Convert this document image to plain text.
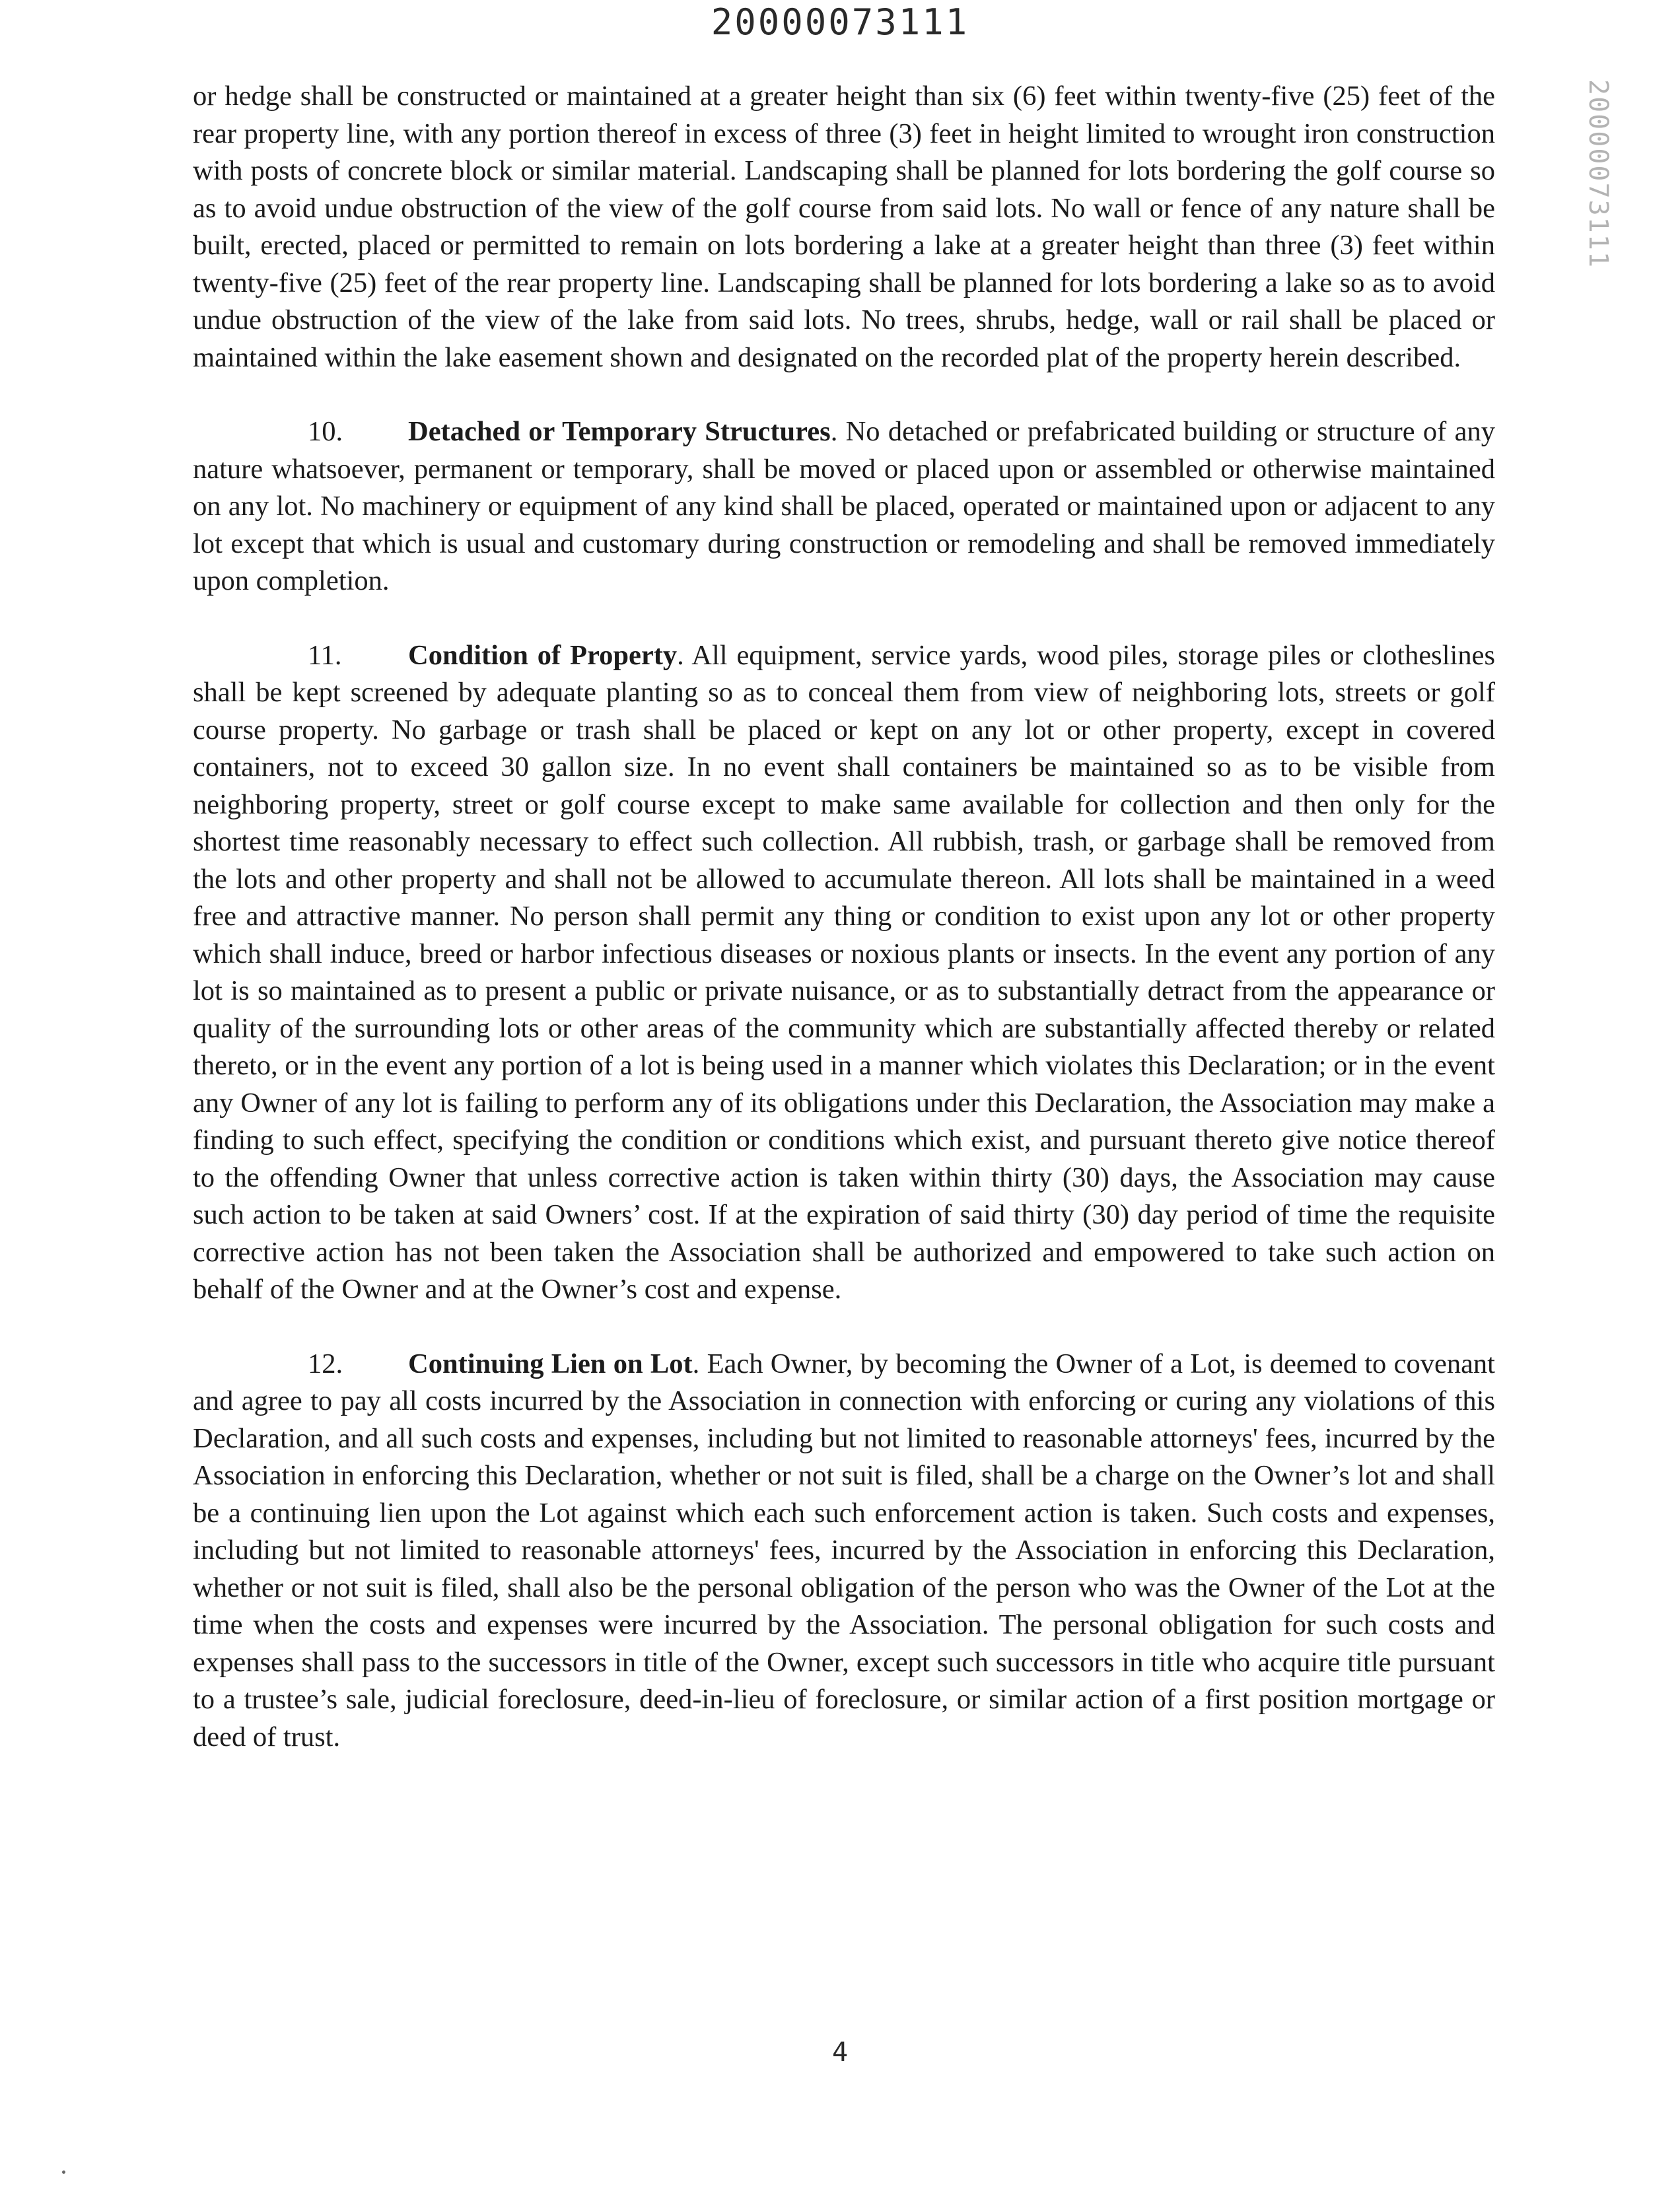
20000073111
20000073111

or hedge shall be constructed or maintained at a greater height than six (6) feet within twenty-five (25) feet of the rear property line, with any portion thereof in excess of three (3) feet in height limited to wrought iron construction with posts of concrete block or similar material. Landscaping shall be planned for lots bordering the golf course so as to avoid undue obstruction of the view of the golf course from said lots. No wall or fence of any nature shall be built, erected, placed or permitted to remain on lots bordering a lake at a greater height than three (3) feet within twenty-five (25) feet of the rear property line. Landscaping shall be planned for lots bordering a lake so as to avoid undue obstruction of the view of the lake from said lots. No trees, shrubs, hedge, wall or rail shall be placed or maintained within the lake easement shown and designated on the recorded plat of the property herein described.

10. Detached or Temporary Structures. No detached or prefabricated building or structure of any nature whatsoever, permanent or temporary, shall be moved or placed upon or assembled or otherwise maintained on any lot. No machinery or equipment of any kind shall be placed, operated or maintained upon or adjacent to any lot except that which is usual and customary during construction or remodeling and shall be removed immediately upon completion.

11. Condition of Property. All equipment, service yards, wood piles, storage piles or clotheslines shall be kept screened by adequate planting so as to conceal them from view of neighboring lots, streets or golf course property. No garbage or trash shall be placed or kept on any lot or other property, except in covered containers, not to exceed 30 gallon size. In no event shall containers be maintained so as to be visible from neighboring property, street or golf course except to make same available for collection and then only for the shortest time reasonably necessary to effect such collection. All rubbish, trash, or garbage shall be removed from the lots and other property and shall not be allowed to accumulate thereon. All lots shall be maintained in a weed free and attractive manner. No person shall permit any thing or condition to exist upon any lot or other property which shall induce, breed or harbor infectious diseases or noxious plants or insects. In the event any portion of any lot is so maintained as to present a public or private nuisance, or as to substantially detract from the appearance or quality of the surrounding lots or other areas of the community which are substantially affected thereby or related thereto, or in the event any portion of a lot is being used in a manner which violates this Declaration; or in the event any Owner of any lot is failing to perform any of its obligations under this Declaration, the Association may make a finding to such effect, specifying the condition or conditions which exist, and pursuant thereto give notice thereof to the offending Owner that unless corrective action is taken within thirty (30) days, the Association may cause such action to be taken at said Owners’ cost. If at the expiration of said thirty (30) day period of time the requisite corrective action has not been taken the Association shall be authorized and empowered to take such action on behalf of the Owner and at the Owner’s cost and expense.

12. Continuing Lien on Lot. Each Owner, by becoming the Owner of a Lot, is deemed to covenant and agree to pay all costs incurred by the Association in connection with enforcing or curing any violations of this Declaration, and all such costs and expenses, including but not limited to reasonable attorneys' fees, incurred by the Association in enforcing this Declaration, whether or not suit is filed, shall be a charge on the Owner’s lot and shall be a continuing lien upon the Lot against which each such enforcement action is taken. Such costs and expenses, including but not limited to reasonable attorneys' fees, incurred by the Association in enforcing this Declaration, whether or not suit is filed, shall also be the personal obligation of the person who was the Owner of the Lot at the time when the costs and expenses were incurred by the Association. The personal obligation for such costs and expenses shall pass to the successors in title of the Owner, except such successors in title who acquire title pursuant to a trustee’s sale, judicial foreclosure, deed-in-lieu of foreclosure, or similar action of a first position mortgage or deed of trust.

4
